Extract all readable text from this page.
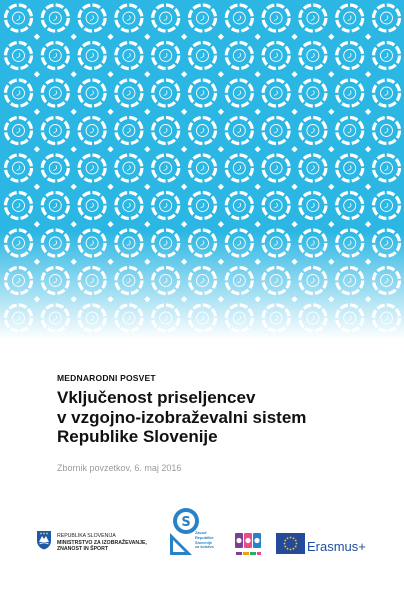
MEDNARODNI POSVET

Vključenost priseljencev
v vzgojno-izobraževalni sistem
Republike Slovenije

Zbornik povzetkov, 6. maj 2016

REPUBLIKA SLOVENIJA
MINISTRSTVO ZA IZOBRAŽEVANJE,
ZNANOST IN ŠPORT
S
Zavod
Republike
Slovenije
za šolstvo	Erasmus+
